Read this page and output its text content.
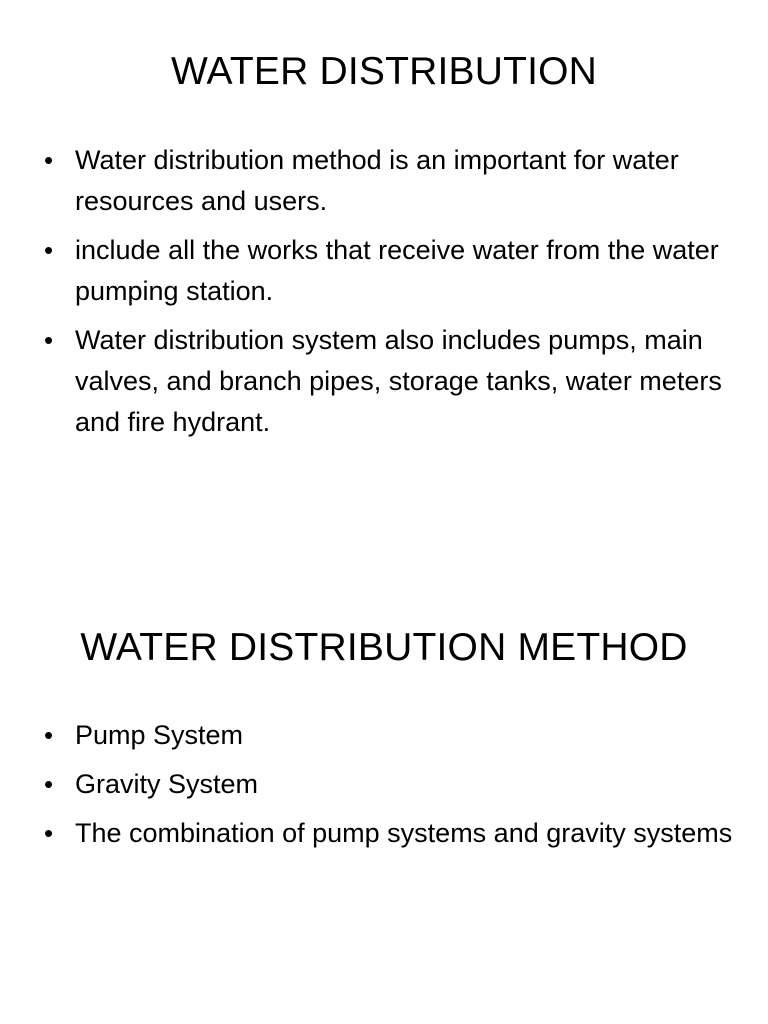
WATER DISTRIBUTION
• Water distribution method is an important for water resources and users.
• include all the works that receive water from the water pumping station.
• Water distribution system also includes pumps, main valves, and branch pipes, storage tanks, water meters and fire hydrant.
WATER DISTRIBUTION METHOD
• Pump System
• Gravity System
• The combination of pump systems and gravity systems
